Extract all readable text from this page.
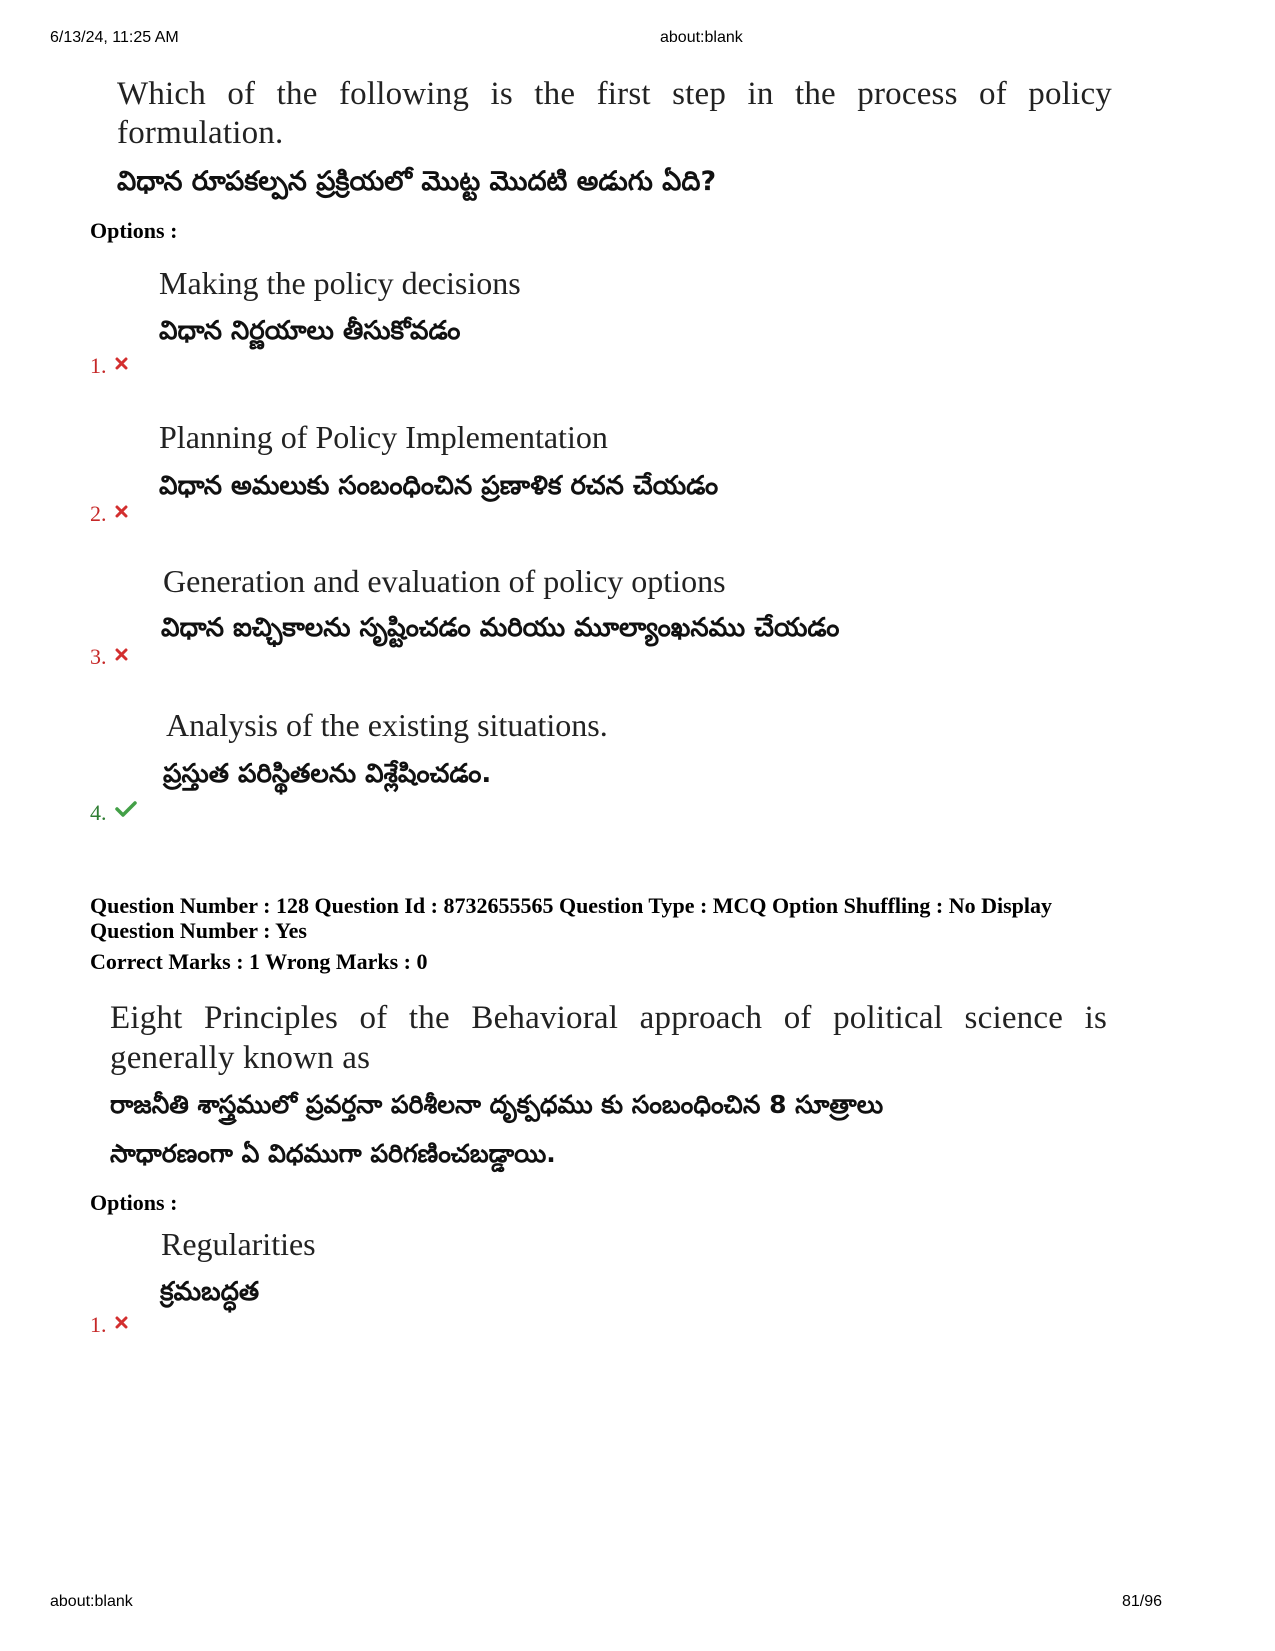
6/13/24, 11:25 AM	about:blank
Which of the following is the first step in the process of policy
formulation.
విధాన రూపకల్పన ప్రక్రియలో మొట్ట మొదటి అడుగు ఏది?
Options :
Making the policy decisions
విధాన నిర్ణయాలు తీసుకోవడం
1.
Planning of Policy Implementation
విధాన అమలుకు సంబంధించిన ప్రణాళిక రచన చేయడం
2.
Generation and evaluation of policy options
విధాన ఐచ్ఛికాలను సృష్టించడం మరియు మూల్యాంఖనము చేయడం
3.
Analysis of the existing situations.
ప్రస్తుత పరిస్థితలను విశ్లేషించడం.
4.
Question Number : 128 Question Id : 8732655565 Question Type : MCQ Option Shuffling : No Display
Question Number : Yes
Correct Marks : 1 Wrong Marks : 0
Eight Principles of the Behavioral approach of political science is
generally known as
రాజనీతి శాస్త్రములో ప్రవర్తనా పరిశీలనా దృక్పధము కు సంబంధించిన 8 సూత్రాలు
సాధారణంగా ఏ విధముగా పరిగణించబడ్డాయి.
Options :
Regularities
క్రమబద్ధత
1.
about:blank	81/96
